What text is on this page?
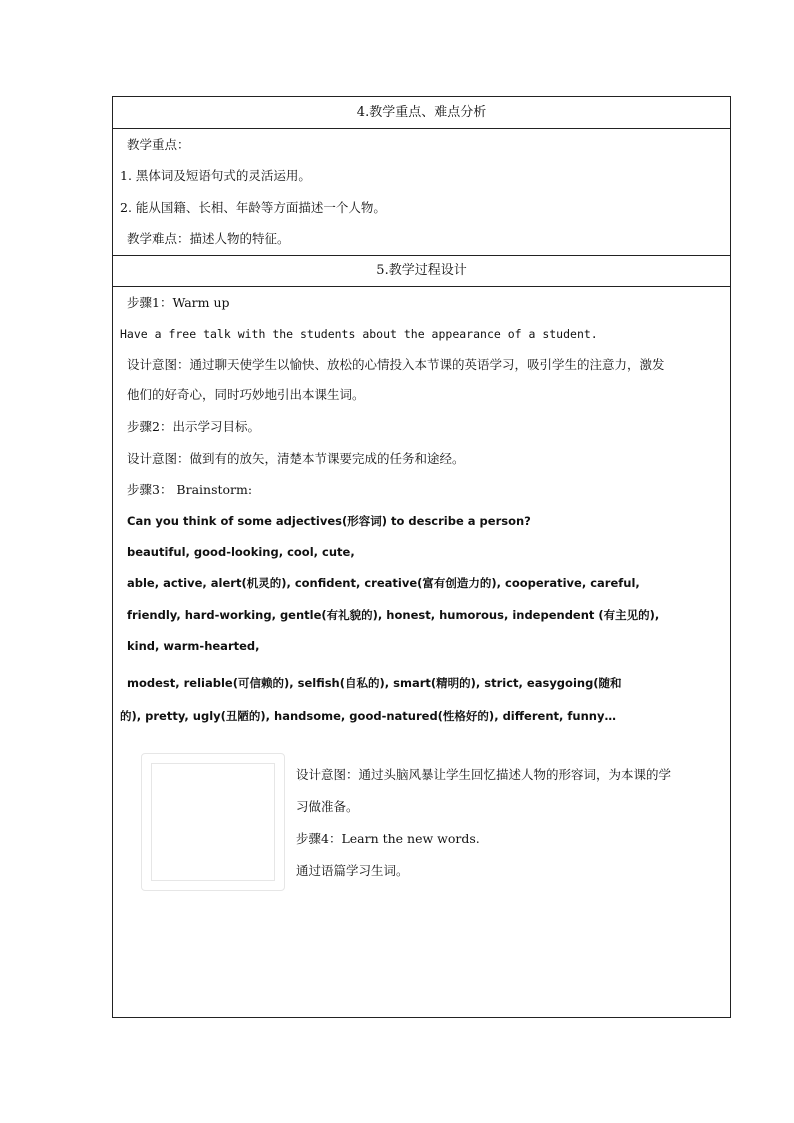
4.教学重点、难点分析
教学重点：
1. 黑体词及短语句式的灵活运用。
2. 能从国籍、长相、年龄等方面描述一个人物。
教学难点：描述人物的特征。
5.教学过程设计
步骤1：Warm up
Have a free talk with the students about the appearance of a student.
设计意图：通过聊天使学生以愉快、放松的心情投入本节课的英语学习，吸引学生的注意力，激发
他们的好奇心，同时巧妙地引出本课生词。
步骤2：出示学习目标。
设计意图：做到有的放矢，清楚本节课要完成的任务和途经。
步骤3： Brainstorm:
Can you think of some adjectives(形容词) to describe a person?
beautiful, good-looking, cool, cute,
able, active, alert(机灵的), confident, creative(富有创造力的), cooperative, careful,
friendly, hard-working, gentle(有礼貌的), honest, humorous, independent (有主见的),
kind, warm-hearted,
modest, reliable(可信赖的), selfish(自私的), smart(精明的), strict, easygoing(随和
的), pretty, ugly(丑陋的), handsome, good-natured(性格好的), different, funny…
设计意图：通过头脑风暴让学生回忆描述人物的形容词，为本课的学
习做准备。
步骤4：Learn the new words.
通过语篇学习生词。
